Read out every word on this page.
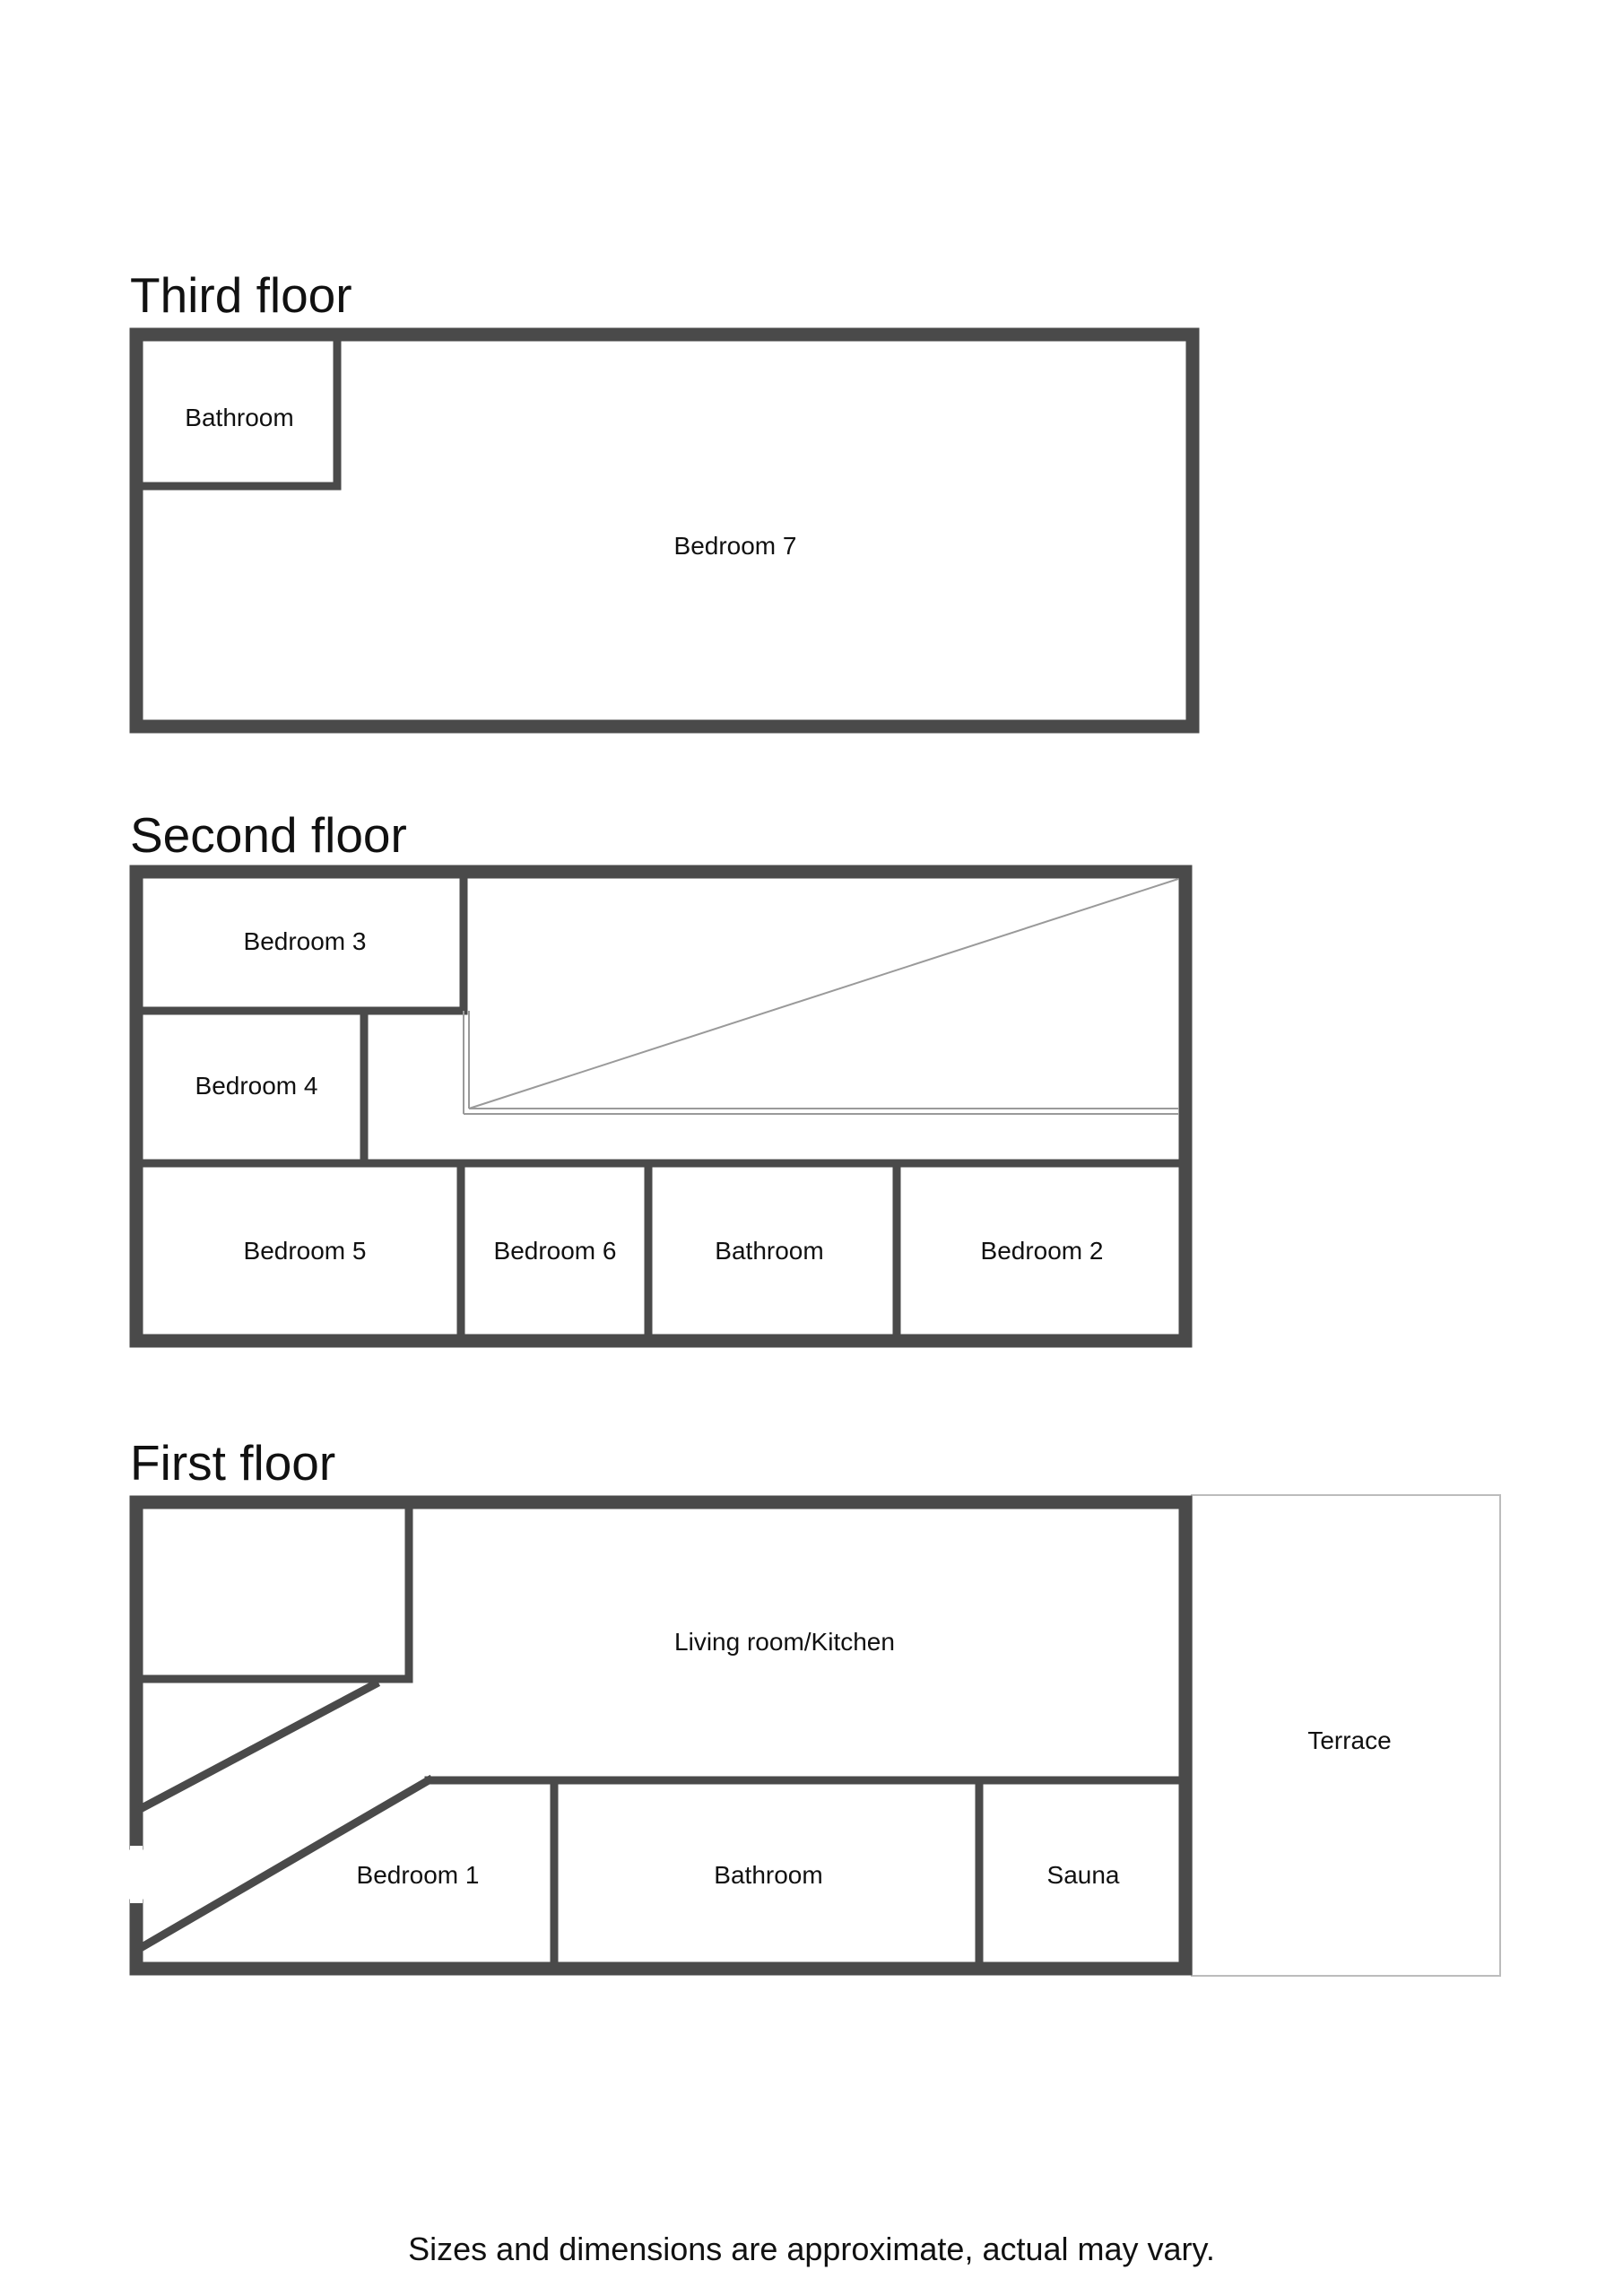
Third floor
Bathroom
Bedroom 7
Second floor
Bedroom 3
Bedroom 4
Bedroom 5	Bedroom 6	Bathroom	Bedroom 2
First floor
Living room/Kitchen
Terrace
Bedroom 1	Bathroom	Sauna
Sizes and dimensions are approximate, actual may vary.
